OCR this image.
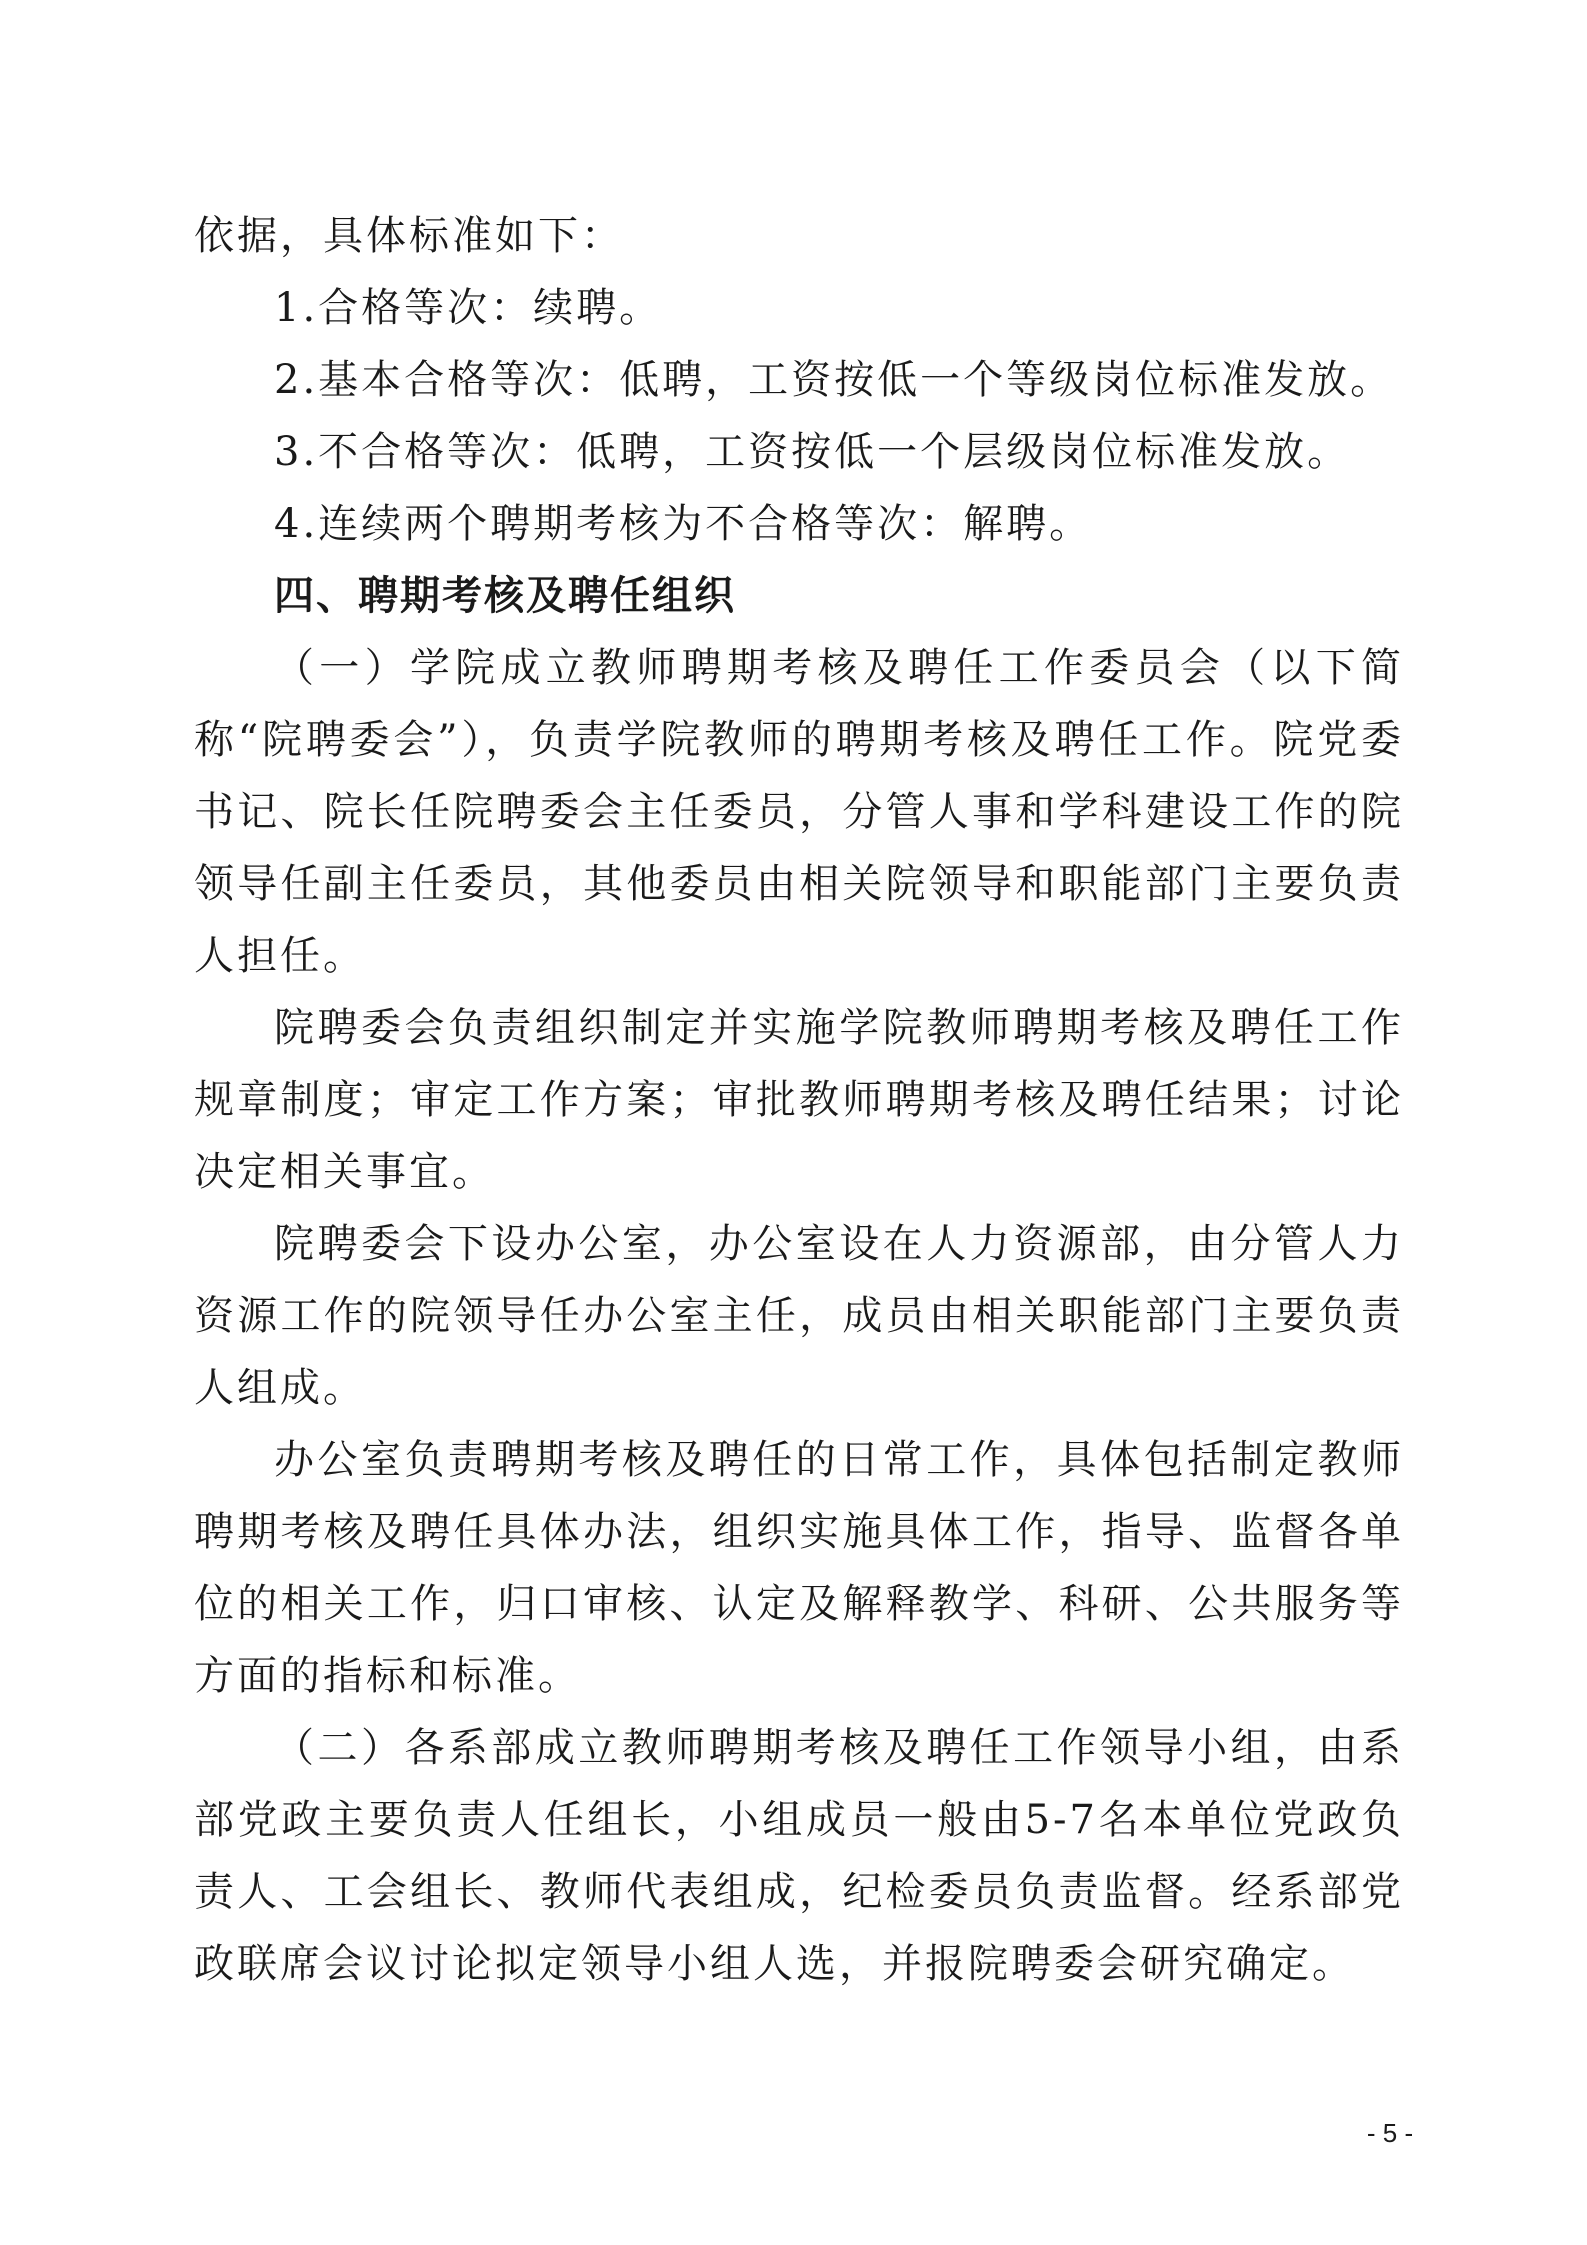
依据，具体标准如下：

1.合格等次：续聘。

2.基本合格等次：低聘，工资按低一个等级岗位标准发放。

3.不合格等次：低聘，工资按低一个层级岗位标准发放。

4.连续两个聘期考核为不合格等次：解聘。

四、聘期考核及聘任组织

（一）学院成立教师聘期考核及聘任工作委员会（以下简称“院聘委会”），负责学院教师的聘期考核及聘任工作。院党委书记、院长任院聘委会主任委员，分管人事和学科建设工作的院领导任副主任委员，其他委员由相关院领导和职能部门主要负责人担任。

院聘委会负责组织制定并实施学院教师聘期考核及聘任工作规章制度；审定工作方案；审批教师聘期考核及聘任结果；讨论决定相关事宜。

院聘委会下设办公室，办公室设在人力资源部，由分管人力资源工作的院领导任办公室主任，成员由相关职能部门主要负责人组成。

办公室负责聘期考核及聘任的日常工作，具体包括制定教师聘期考核及聘任具体办法，组织实施具体工作，指导、监督各单位的相关工作，归口审核、认定及解释教学、科研、公共服务等方面的指标和标准。

（二）各系部成立教师聘期考核及聘任工作领导小组，由系部党政主要负责人任组长，小组成员一般由5-7名本单位党政负责人、工会组长、教师代表组成，纪检委员负责监督。经系部党政联席会议讨论拟定领导小组人选，并报院聘委会研究确定。

- 5 -
